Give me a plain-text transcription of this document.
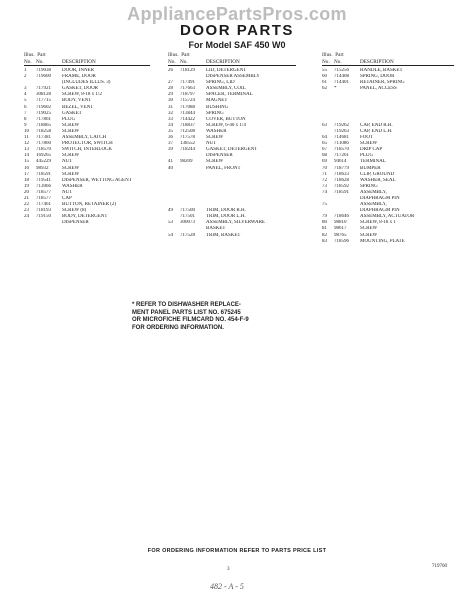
AppliancePartsPros.com
DOOR PARTS
For Model SAF 450 W0
Illus. Part
No. No.	DESCRIPTION
1 719038 DOOR, INNER
2 719600 FRAME, DOOR
(INCLUDES ILLUS. 3)
3 717921 GASKET, DOOR
4 308128 SCREW, 8-18 x 1/2
5 717715 BODY, VENT
6 719602 BEZEL, VENT
7 719025 GASKET
8 717861 PLUG
9 718865 SCREW
10 718258 SCREW
11 717381 ASSEMBLY, LATCH
12 717860 PROTECTOR, SWITCH
13 718570 SWITCH, INTERLOCK
14 169265 SCREW
15 445229 NUT
16 98932	SCREW
17 718591 SCREW
18 719541 DISPENSER, WETTING AGENT
19 713066 WASHER
20 718577 NUT
21 718577 CAP
22 717461 BUTTON, RETAINER (2)
23 718193 SCREW (8)
24 719150 BODY, DETERGENT
DISPENSER
Illus. Part
No. No.	DESCRIPTION
26 718129 LID, DETERGENT
DISPENSER ASSEMBLY
27 717491 SPRING, LID
28 717663 ASSEMBLY, COIL
29 718797 SPACER, TERMINAL
30 715724 MAGNET
31 717088 BUSHING
32 713844 SPRING
33 714422 COVER, BUTTON
34 718837 SCREW, 6-40 x 1/4
35 712508 WASHER
36 717578 SCREW
37 138552 NUT
39 718244 GASKET, DETERGENT
DISPENSER
41 98209	SCREW
40	PANEL, FRONT
49 717500 TRIM, DOOR R.H.
717501 TRIM, DOOR L.H.
53 300073 ASSEMBLY, SILVERWARE
BASKET
54 717528 TRIM, BASKET
Illus. Part
No. No.	DESCRIPTION
55 715256 HANDLE, BASKET
60 714408 SPRING, DOOR
61 714401 RETAINER, SPRING
62 *	PANEL, ACCESS
63 719262 CAP, END R.H.
719263 CAP, END L.H.
64 714681 FOOT
65 711086 SCREW
67 718570 DRIP CAP
68 717261 PLUG
69 94614	TERMINAL
70 718779 BUMPER
71 718633 CLIP, GROUND
72 718628 WASHER, SEAL
73 718592 SPRING
74 718591 ASSEMBLY,
DIAPHRAGM PIN
75	ASSEMBLY,
DIAPHRAGM PIN
79 718646 ASSEMBLY, ACTUATOR
80 98810	SCREW, 8-18 x 1
81 98617	SCREW
82 98765	SCREW
83 718596 MOUNTING, PLATE
* REFER TO DISHWASHER REPLACE-
MENT PANEL PARTS LIST NO. 675245
OR MICROFICHE FILMCARD NO. 454-F-9
FOR ORDERING INFORMATION.
FOR ORDERING INFORMATION REFER TO PARTS PRICE LIST
3
719760
482 - A - 5
